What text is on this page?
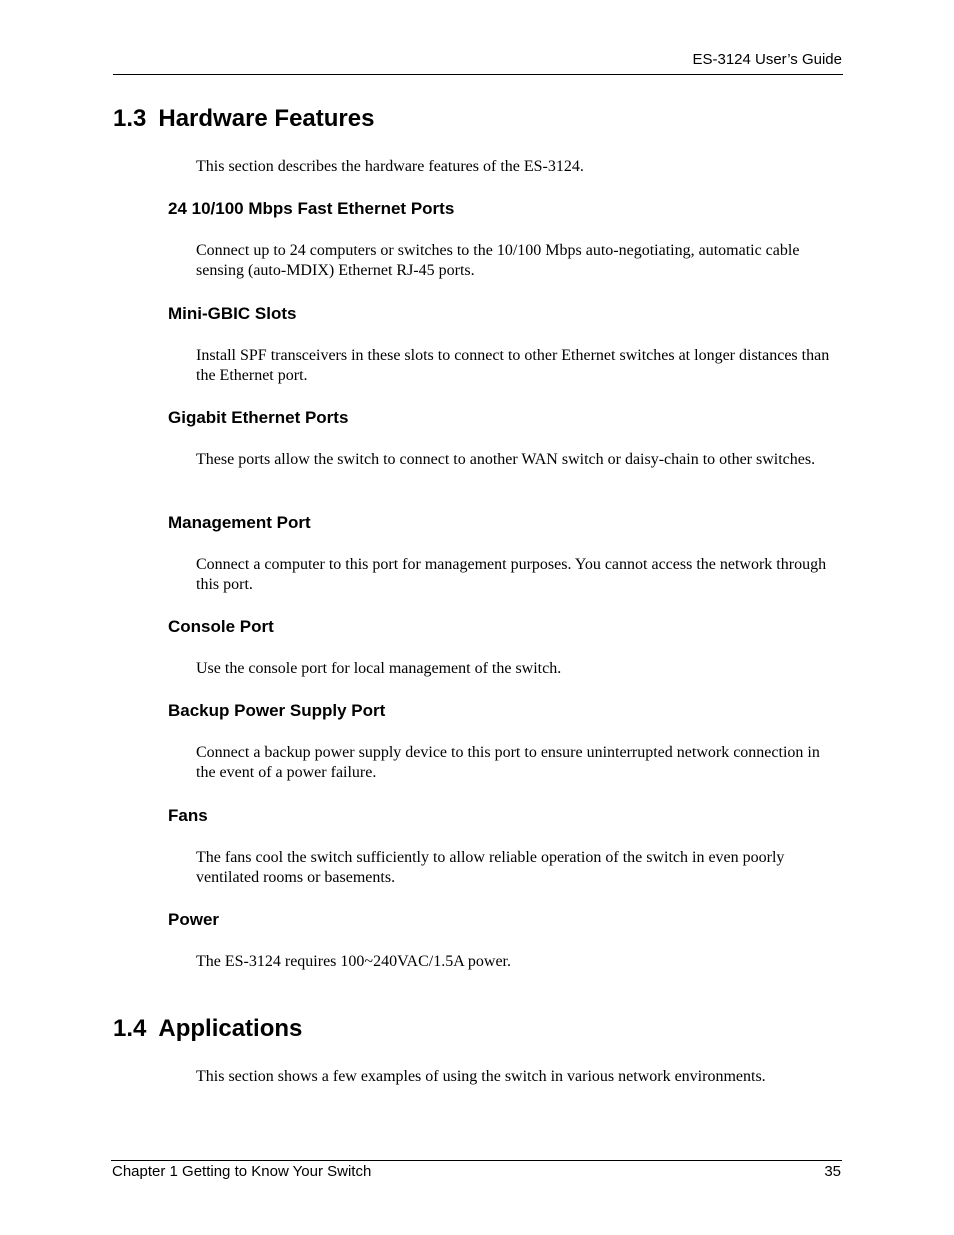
ES-3124 User’s Guide
1.3 Hardware Features

This section describes the hardware features of the ES-3124.

24 10/100 Mbps Fast Ethernet Ports

Connect up to 24 computers or switches to the 10/100 Mbps auto-negotiating, automatic cable sensing (auto-MDIX) Ethernet RJ-45 ports.

Mini-GBIC Slots

Install SPF transceivers in these slots to connect to other Ethernet switches at longer distances than the Ethernet port.

Gigabit Ethernet Ports

These ports allow the switch to connect to another WAN switch or daisy-chain to other switches.

Management Port

Connect a computer to this port for management purposes. You cannot access the network through this port.

Console Port

Use the console port for local management of the switch.

Backup Power Supply Port

Connect a backup power supply device to this port to ensure uninterrupted network connection in the event of a power failure.

Fans

The fans cool the switch sufficiently to allow reliable operation of the switch in even poorly ventilated rooms or basements.

Power

The ES-3124 requires 100~240VAC/1.5A power.

1.4 Applications

This section shows a few examples of using the switch in various network environments.

Chapter 1 Getting to Know Your Switch	35
